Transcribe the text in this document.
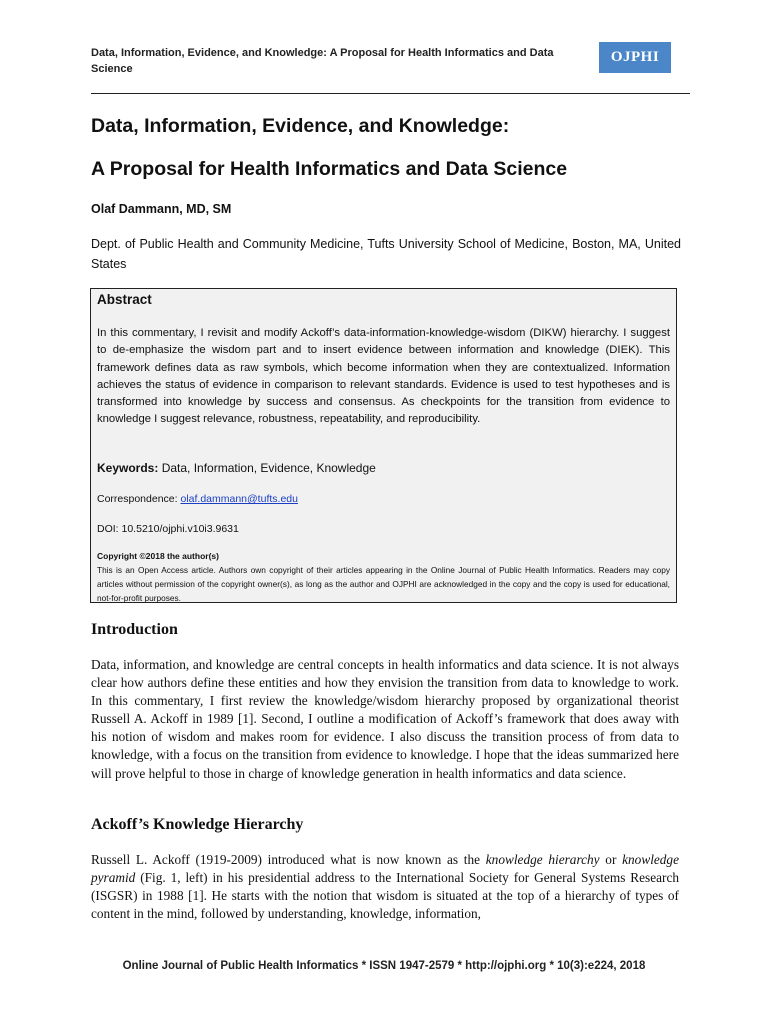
Data, Information, Evidence, and Knowledge: A Proposal for Health Informatics and Data Science
OJPHI
Data, Information, Evidence, and Knowledge:
A Proposal for Health Informatics and Data Science
Olaf Dammann, MD, SM
Dept. of Public Health and Community Medicine, Tufts University School of Medicine, Boston, MA, United States
Abstract
In this commentary, I revisit and modify Ackoff’s data-information-knowledge-wisdom (DIKW) hierarchy. I suggest to de-emphasize the wisdom part and to insert evidence between information and knowledge (DIEK). This framework defines data as raw symbols, which become information when they are contextualized. Information achieves the status of evidence in comparison to relevant standards. Evidence is used to test hypotheses and is transformed into knowledge by success and consensus. As checkpoints for the transition from evidence to knowledge I suggest relevance, robustness, repeatability, and reproducibility.
Keywords: Data, Information, Evidence, Knowledge
Correspondence: olaf.dammann@tufts.edu
DOI: 10.5210/ojphi.v10i3.9631
Copyright ©2018 the author(s)
This is an Open Access article. Authors own copyright of their articles appearing in the Online Journal of Public Health Informatics. Readers may copy articles without permission of the copyright owner(s), as long as the author and OJPHI are acknowledged in the copy and the copy is used for educational, not-for-profit purposes.
Introduction
Data, information, and knowledge are central concepts in health informatics and data science. It is not always clear how authors define these entities and how they envision the transition from data to knowledge to work. In this commentary, I first review the knowledge/wisdom hierarchy proposed by organizational theorist Russell A. Ackoff in 1989 [1]. Second, I outline a modification of Ackoff’s framework that does away with his notion of wisdom and makes room for evidence. I also discuss the transition process of from data to knowledge, with a focus on the transition from evidence to knowledge. I hope that the ideas summarized here will prove helpful to those in charge of knowledge generation in health informatics and data science.
Ackoff’s Knowledge Hierarchy
Russell L. Ackoff (1919-2009) introduced what is now known as the knowledge hierarchy or knowledge pyramid (Fig. 1, left) in his presidential address to the International Society for General Systems Research (ISGSR) in 1988 [1]. He starts with the notion that wisdom is situated at the top of a hierarchy of types of content in the mind, followed by understanding, knowledge, information,
Online Journal of Public Health Informatics * ISSN 1947-2579 * http://ojphi.org * 10(3):e224, 2018
